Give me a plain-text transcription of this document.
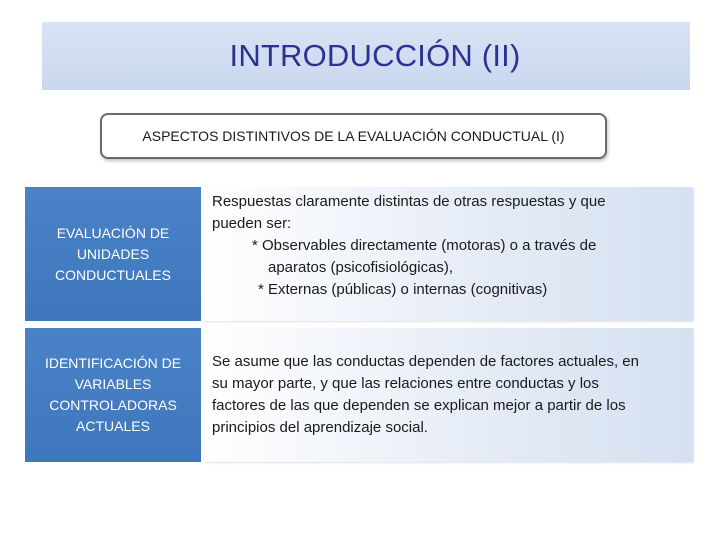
INTRODUCCIÓN (II)
ASPECTOS DISTINTIVOS DE LA EVALUACIÓN CONDUCTUAL (I)
EVALUACIÓN DE
UNIDADES
CONDUCTUALES
Respuestas claramente distintas de otras respuestas y que
pueden ser:
* Observables directamente (motoras) o a través de
aparatos (psicofisiológicas),
* Externas (públicas) o internas (cognitivas)
IDENTIFICACIÓN DE
VARIABLES
CONTROLADORAS
ACTUALES
Se asume que las conductas dependen de factores actuales, en
su mayor parte, y que las relaciones entre conductas y los
factores de las que dependen se explican mejor a partir de los
principios del aprendizaje social.
